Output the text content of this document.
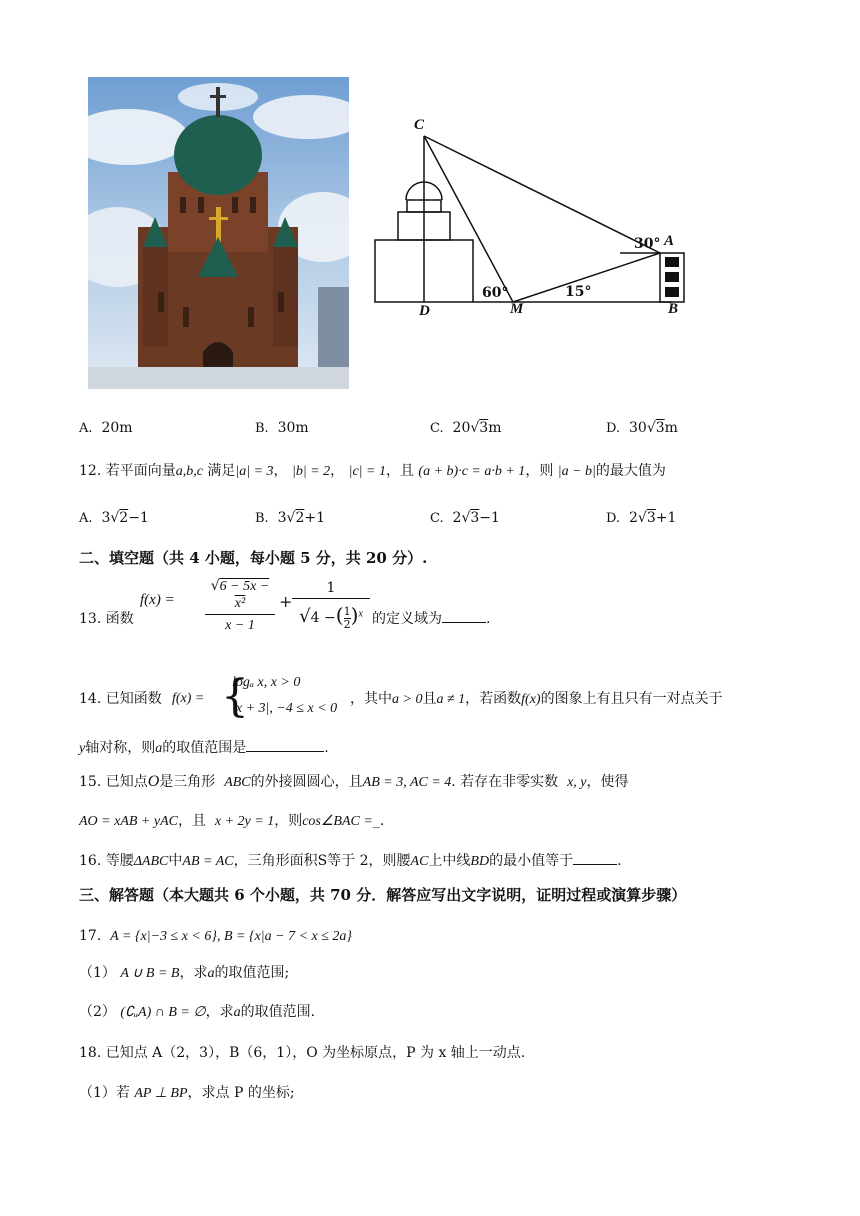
C
A
B
D	M
30°
60°	15°
A. 20m	B. 30m	C. 20√3m	D. 30√3m
12. 若平面向量a,b,c 满足|a| = 3， |b| = 2， |c| = 1，且 (a + b)·c = a·b + 1，则 |a − b|的最大值为
A. 3√2−1	B. 3√2+1	C. 2√3−1	D. 2√3+1
二、填空题（共 4 小题，每小题 5 分，共 20 分）.
13. 函数
f(x) =
√6 − 5x − x²
x − 1
+
1
√4 −( $\frac{1}{2} )^x$ 的定义域为	.
14. 已知函数 f(x) = {
logₐ x, x > 0
|x + 3|, −4 ≤ x < 0
，其中a > 0且a ≠ 1，若函数f(x)的图象上有且只有一对点关于
y轴对称，则a的取值范围是	.
15. 已知点O是三角形 ABC的外接圆圆心，且AB = 3, AC = 4. 若存在非零实数 x, y，使得
AO = xAB + yAC，且 x + 2y = 1，则cos∠BAC =_.
16. 等腰ΔABC中AB = AC，三角形面积S等于 2，则腰AC上中线BD的最小值等于	.
三、解答题（本大题共 6 个小题，共 70 分．解答应写出文字说明，证明过程或演算步骤）
17. A = {x|−3 ≤ x < 6}, B = {x|a − 7 < x ≤ 2a}
（1） A ∪ B = B，求a的取值范围;
（2） (∁ᵤA) ∩ B = ∅，求a的取值范围.
18. 已知点 A（2，3），B（6，1），O 为坐标原点，P 为 x 轴上一动点.
（1）若 AP ⊥ BP，求点 P 的坐标;
